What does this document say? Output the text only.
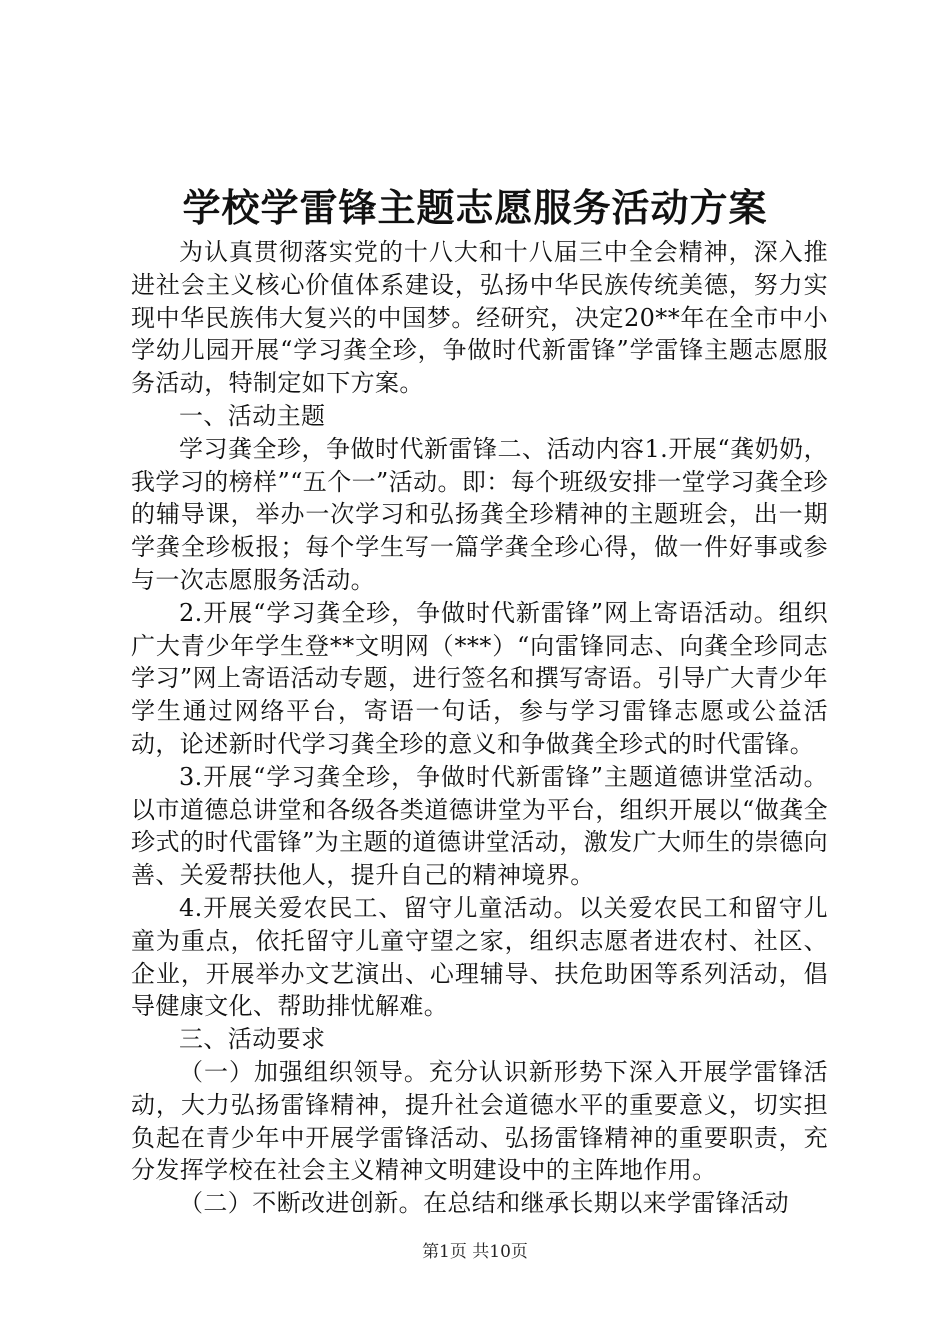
学校学雷锋主题志愿服务活动方案

为认真贯彻落实党的十八大和十八届三中全会精神，深入推进社会主义核心价值体系建设，弘扬中华民族传统美德，努力实现中华民族伟大复兴的中国梦。经研究，决定20**年在全市中小学幼儿园开展“学习龚全珍，争做时代新雷锋”学雷锋主题志愿服务活动，特制定如下方案。

一、活动主题

学习龚全珍，争做时代新雷锋二、活动内容1.开展“龚奶奶，我学习的榜样”“五个一”活动。即：每个班级安排一堂学习龚全珍的辅导课，举办一次学习和弘扬龚全珍精神的主题班会，出一期学龚全珍板报；每个学生写一篇学龚全珍心得，做一件好事或参与一次志愿服务活动。

2.开展“学习龚全珍，争做时代新雷锋”网上寄语活动。组织广大青少年学生登**文明网（***）“向雷锋同志、向龚全珍同志学习”网上寄语活动专题，进行签名和撰写寄语。引导广大青少年学生通过网络平台，寄语一句话，参与学习雷锋志愿或公益活动，论述新时代学习龚全珍的意义和争做龚全珍式的时代雷锋。

3.开展“学习龚全珍，争做时代新雷锋”主题道德讲堂活动。以市道德总讲堂和各级各类道德讲堂为平台，组织开展以“做龚全珍式的时代雷锋”为主题的道德讲堂活动，激发广大师生的崇德向善、关爱帮扶他人，提升自己的精神境界。

4.开展关爱农民工、留守儿童活动。以关爱农民工和留守儿童为重点，依托留守儿童守望之家，组织志愿者进农村、社区、企业，开展举办文艺演出、心理辅导、扶危助困等系列活动，倡导健康文化、帮助排忧解难。

三、活动要求

（一）加强组织领导。充分认识新形势下深入开展学雷锋活动，大力弘扬雷锋精神，提升社会道德水平的重要意义，切实担负起在青少年中开展学雷锋活动、弘扬雷锋精神的重要职责，充分发挥学校在社会主义精神文明建设中的主阵地作用。

（二）不断改进创新。在总结和继承长期以来学雷锋活动

第1页 共10页
